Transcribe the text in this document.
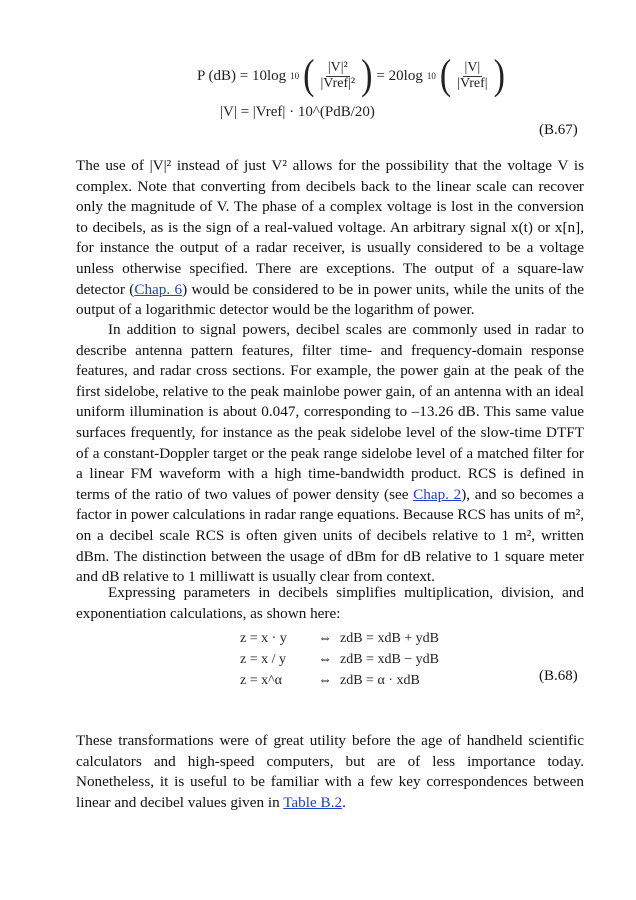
P (dB) = 10log 10 ( $\frac{\text{|V|²}}{\text{|Vref|²}}$ ) = 20log 10 ( $\frac{|V|}{\text{|Vref|}}$ )
|V| = |Vref| · 10^(PdB/20)
(B.67)
The use of |V|² instead of just V² allows for the possibility that the voltage V is complex. Note that converting from decibels back to the linear scale can recover only the magnitude of V. The phase of a complex voltage is lost in the conversion to decibels, as is the sign of a real-valued voltage. An arbitrary signal x(t) or x[n], for instance the output of a radar receiver, is usually considered to be a voltage unless otherwise specified. There are exceptions. The output of a square-law detector (Chap. 6) would be considered to be in power units, while the units of the output of a logarithmic detector would be the logarithm of power.
In addition to signal powers, decibel scales are commonly used in radar to describe antenna pattern features, filter time- and frequency-domain response features, and radar cross sections. For example, the power gain at the peak of the first sidelobe, relative to the peak mainlobe power gain, of an antenna with an ideal uniform illumination is about 0.047, corresponding to –13.26 dB. This same value surfaces frequently, for instance as the peak sidelobe level of the slow-time DTFT of a constant-Doppler target or the peak range sidelobe level of a matched filter for a linear FM waveform with a high time-bandwidth product. RCS is defined in terms of the ratio of two values of power density (see Chap. 2), and so becomes a factor in power calculations in radar range equations. Because RCS has units of m², on a decibel scale RCS is often given units of decibels relative to 1 m², written dBm. The distinction between the usage of dBm for dB relative to 1 square meter and dB relative to 1 milliwatt is usually clear from context.
Expressing parameters in decibels simplifies multiplication, division, and exponentiation calculations, as shown here:
z = x · y	⇔ zdB = xdB + ydB
z = x / y	⇔ zdB = xdB − ydB
z = x^α	⇔ zdB = α · xdB	(B.68)
These transformations were of great utility before the age of handheld scientific calculators and high-speed computers, but are of less importance today. Nonetheless, it is useful to be familiar with a few key correspondences between linear and decibel values given in Table B.2.
